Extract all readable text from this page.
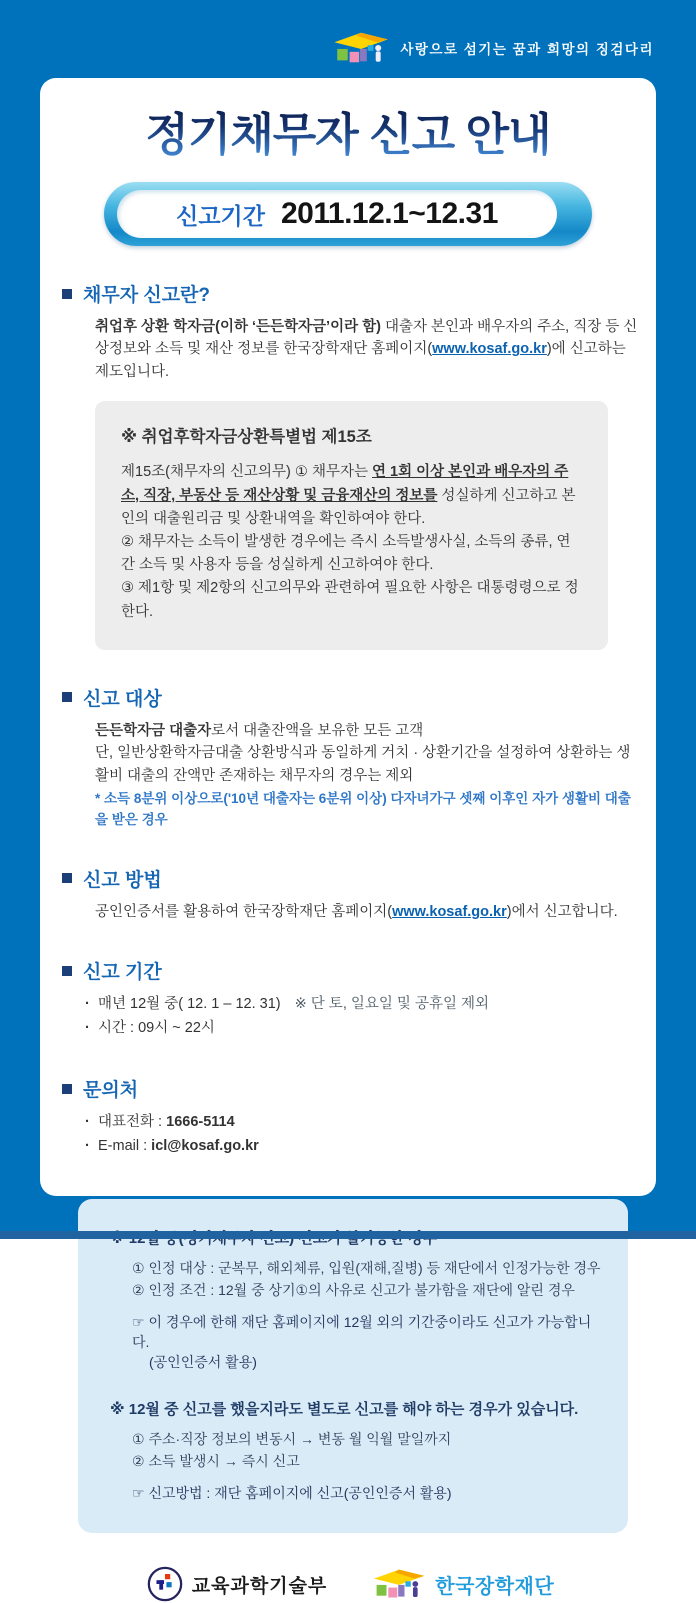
사랑으로 섬기는 꿈과 희망의 징검다리
정기채무자 신고 안내
신고기간 2011.12.1~12.31
채무자 신고란?

취업후 상환 학자금(이하 ‘든든학자금’이라 함) 대출자 본인과 배우자의 주소, 직장 등 신상정보와 소득 및 재산 정보를 한국장학재단 홈페이지(www.kosaf.go.kr)에 신고하는 제도입니다.

※ 취업후학자금상환특별법 제15조
제15조(채무자의 신고의무) ① 채무자는 연 1회 이상 본인과 배우자의 주소, 직장, 부동산 등 재산상황 및 금융재산의 정보를 성실하게 신고하고 본인의 대출원리금 및 상환내역을 확인하여야 한다.
② 채무자는 소득이 발생한 경우에는 즉시 소득발생사실, 소득의 종류, 연간 소득 및 사용자 등을 성실하게 신고하여야 한다.
③ 제1항 및 제2항의 신고의무와 관련하여 필요한 사항은 대통령령으로 정한다.
신고 대상

든든학자금 대출자로서 대출잔액을 보유한 모든 고객
단, 일반상환학자금대출 상환방식과 동일하게 거치 · 상환기간을 설정하여 상환하는 생활비 대출의 잔액만 존재하는 채무자의 경우는 제외
* 소득 8분위 이상으로('10년 대출자는 6분위 이상) 다자녀가구 셋째 이후인 자가 생활비 대출을 받은 경우

신고 방법

공인인증서를 활용하여 한국장학재단 홈페이지(www.kosaf.go.kr)에서 신고합니다.

신고 기간
· 매년 12월 중( 12. 1 – 12. 31) ※ 단 토, 일요일 및 공휴일 제외
· 시간 : 09시 ~ 22시
문의처
· 대표전화 : 1666-5114
· E-mail : icl@kosaf.go.kr
① 인정 대상 : 군복무, 해외체류, 입원(재해,질병) 등 재단에서 인정가능한 경우
② 인정 조건 : 12월 중 상기①의 사유로 신고가 불가함을 재단에 알린 경우
☞ 이 경우에 한해 재단 홈페이지에 12월 외의 기간중이라도 신고가 가능합니다.
(공인인증서 활용)
※ 12월 중 신고를 했을지라도 별도로 신고를 해야 하는 경우가 있습니다.
① 주소·직장 정보의 변동시 → 변동 월 익월 말일까지
② 소득 발생시 → 즉시 신고
☞ 신고방법 : 재단 홈페이지에 신고(공인인증서 활용)
교육과학기술부	한국장학재단
